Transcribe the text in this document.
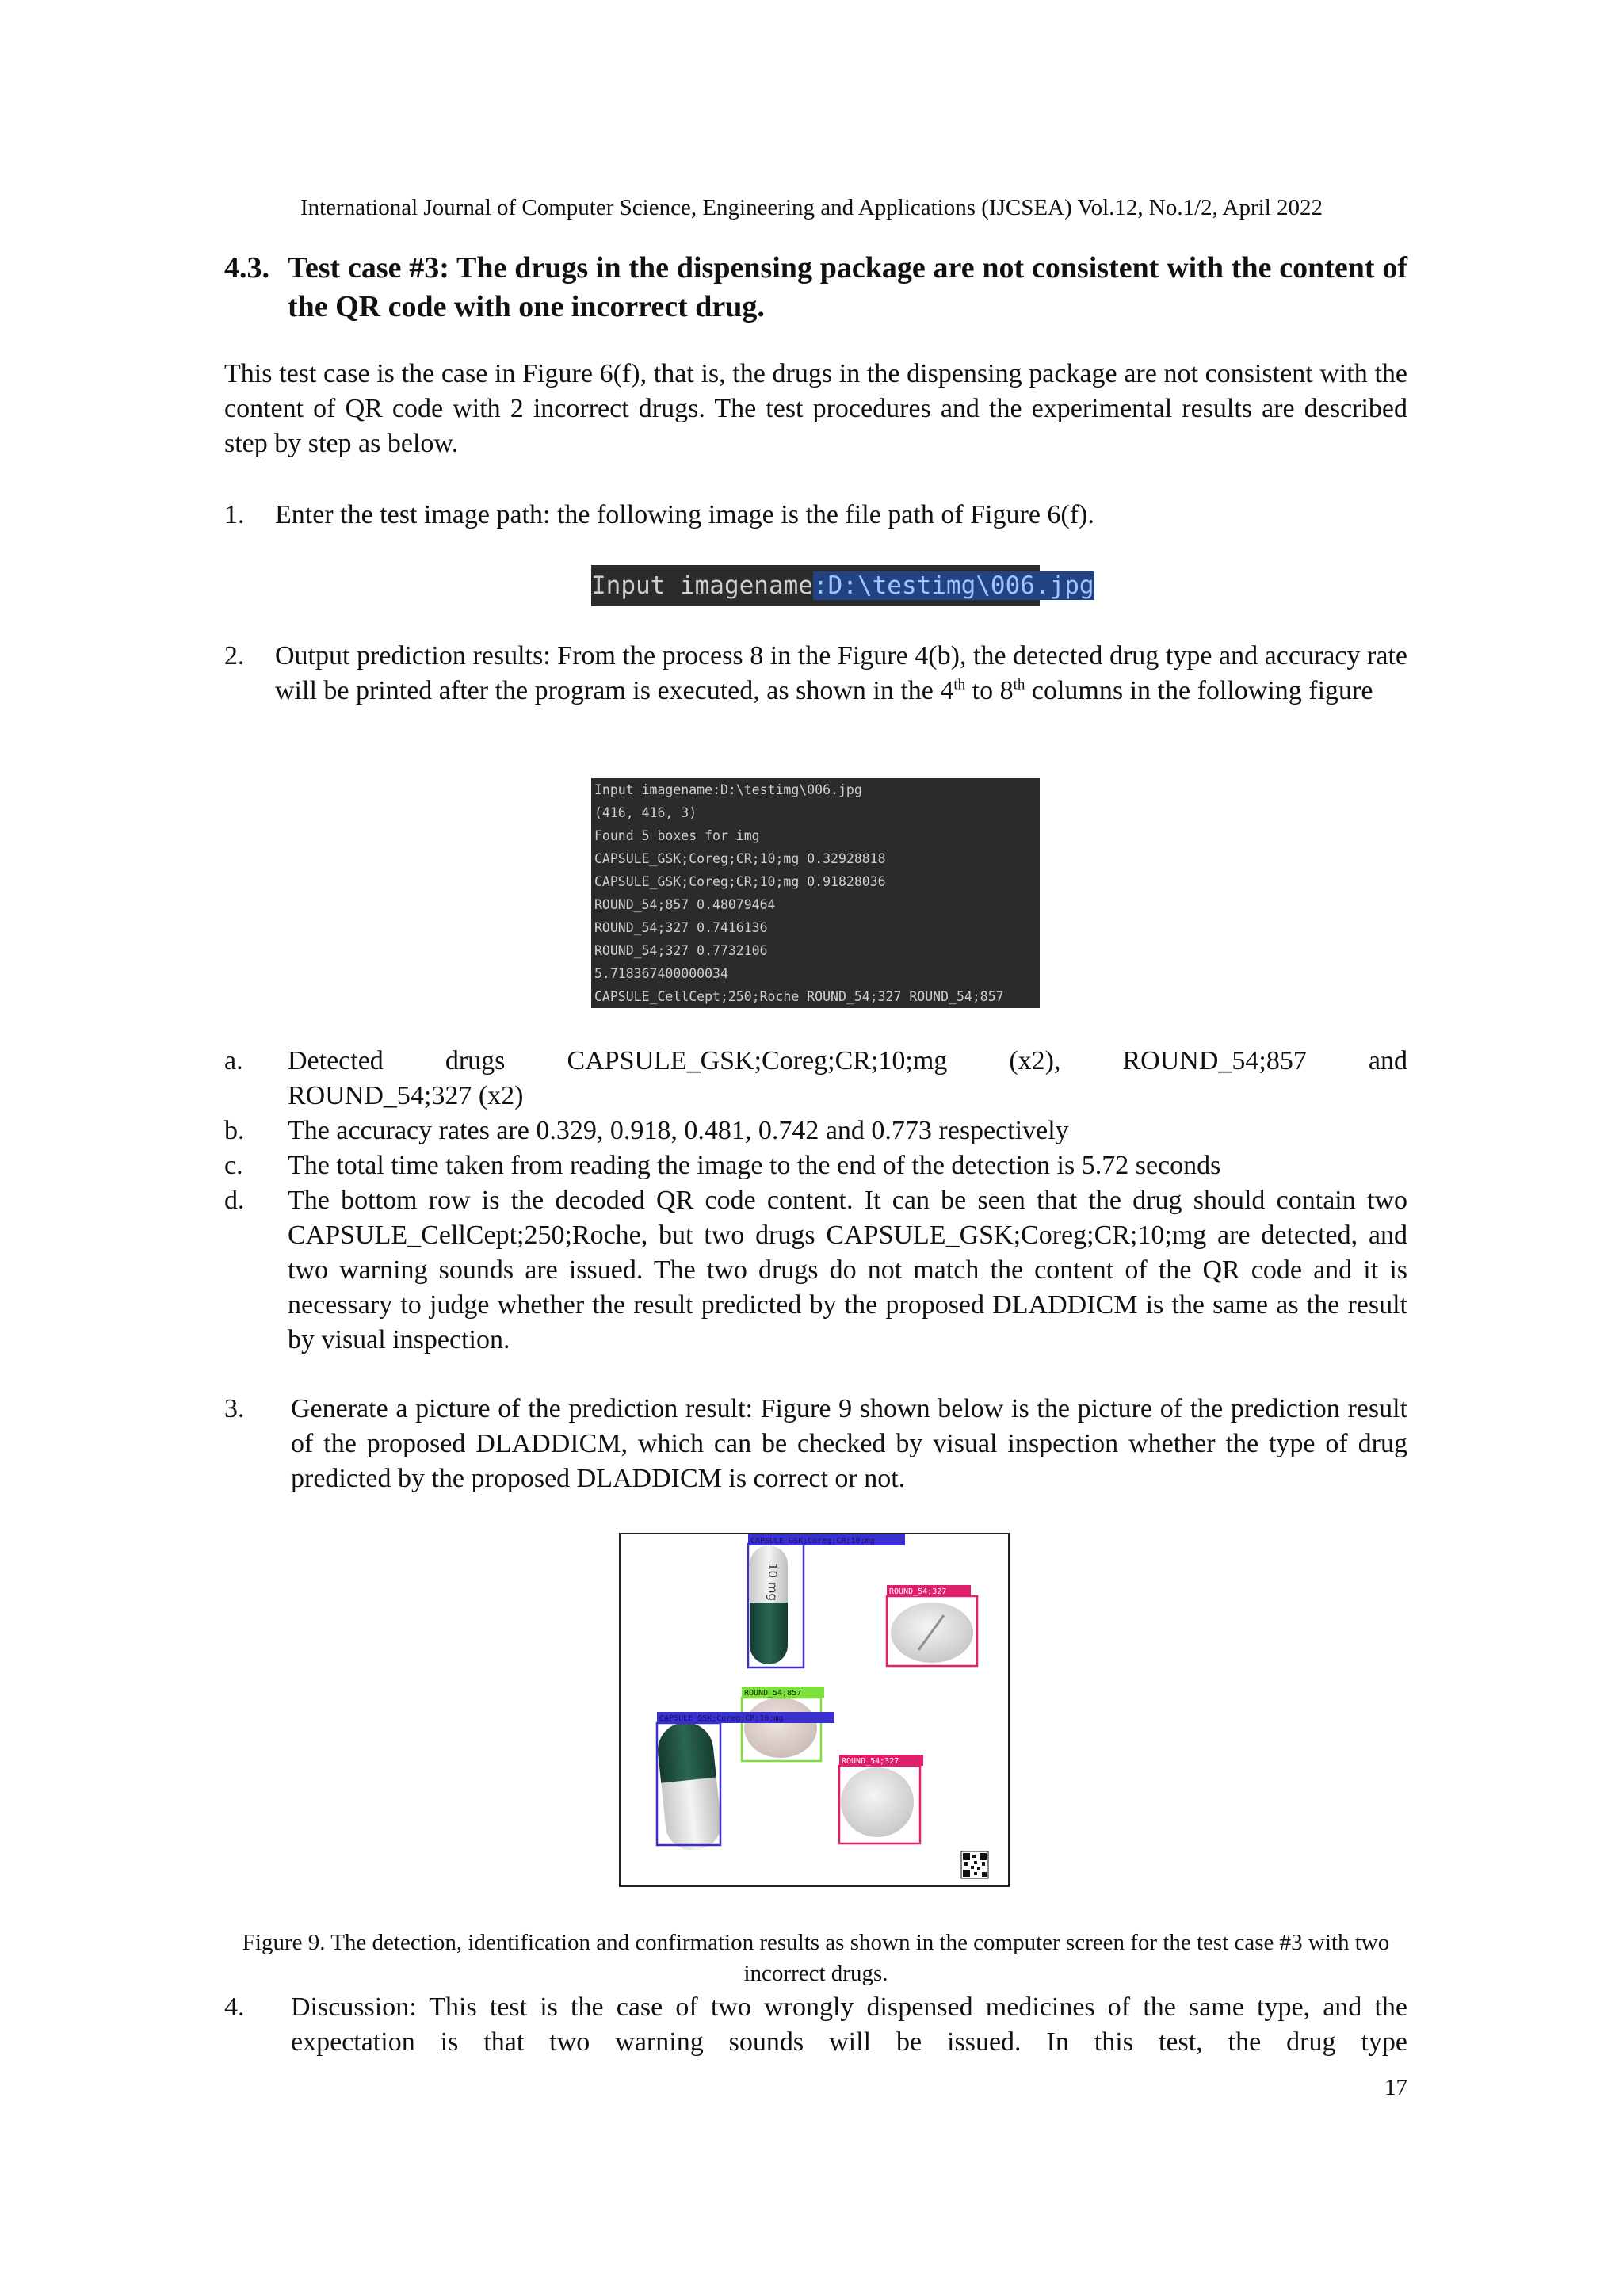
International Journal of Computer Science, Engineering and Applications (IJCSEA) Vol.12, No.1/2, April 2022
4.3. Test case #3: The drugs in the dispensing package are not consistent with the content of the QR code with one incorrect drug.
This test case is the case in Figure 6(f), that is, the drugs in the dispensing package are not consistent with the content of QR code with 2 incorrect drugs. The test procedures and the experimental results are described step by step as below.
1. Enter the test image path: the following image is the file path of Figure 6(f).
Input imagename:D:\testimg\006.jpg
2. Output prediction results: From the process 8 in the Figure 4(b), the detected drug type and accuracy rate will be printed after the program is executed, as shown in the 4th to 8th columns in the following figure
Input imagename:D:\testimg\006.jpg
(416, 416, 3)
Found 5 boxes for img
CAPSULE_GSK;Coreg;CR;10;mg 0.32928818
CAPSULE_GSK;Coreg;CR;10;mg 0.91828036
ROUND_54;857 0.48079464
ROUND_54;327 0.7416136
ROUND_54;327 0.7732106
5.718367400000034
CAPSULE_CellCept;250;Roche ROUND_54;327 ROUND_54;857
a. Detected drugs CAPSULE_GSK;Coreg;CR;10;mg (x2), ROUND_54;857 and
ROUND_54;327 (x2)
b. The accuracy rates are 0.329, 0.918, 0.481, 0.742 and 0.773 respectively
c. The total time taken from reading the image to the end of the detection is 5.72 seconds
d. The bottom row is the decoded QR code content. It can be seen that the drug should contain two CAPSULE_CellCept;250;Roche, but two drugs CAPSULE_GSK;Coreg;CR;10;mg are detected, and two warning sounds are issued. The two drugs do not match the content of the QR code and it is necessary to judge whether the result predicted by the proposed DLADDICM is the same as the result by visual inspection.
3. Generate a picture of the prediction result: Figure 9 shown below is the picture of the prediction result of the proposed DLADDICM, which can be checked by visual inspection whether the type of drug predicted by the proposed DLADDICM is correct or not.
10 mg
CAPSULE_GSK;Coreg;CR;10;mg
ROUND_54;327
ROUND_54;857
CAPSULE_GSK;Coreg;CR;10;mg
ROUND_54;327
Figure 9. The detection, identification and confirmation results as shown in the computer screen for the test case #3 with two incorrect drugs.
4. Discussion: This test is the case of two wrongly dispensed medicines of the same type, and the expectation is that two warning sounds will be issued. In this test, the drug type
17
